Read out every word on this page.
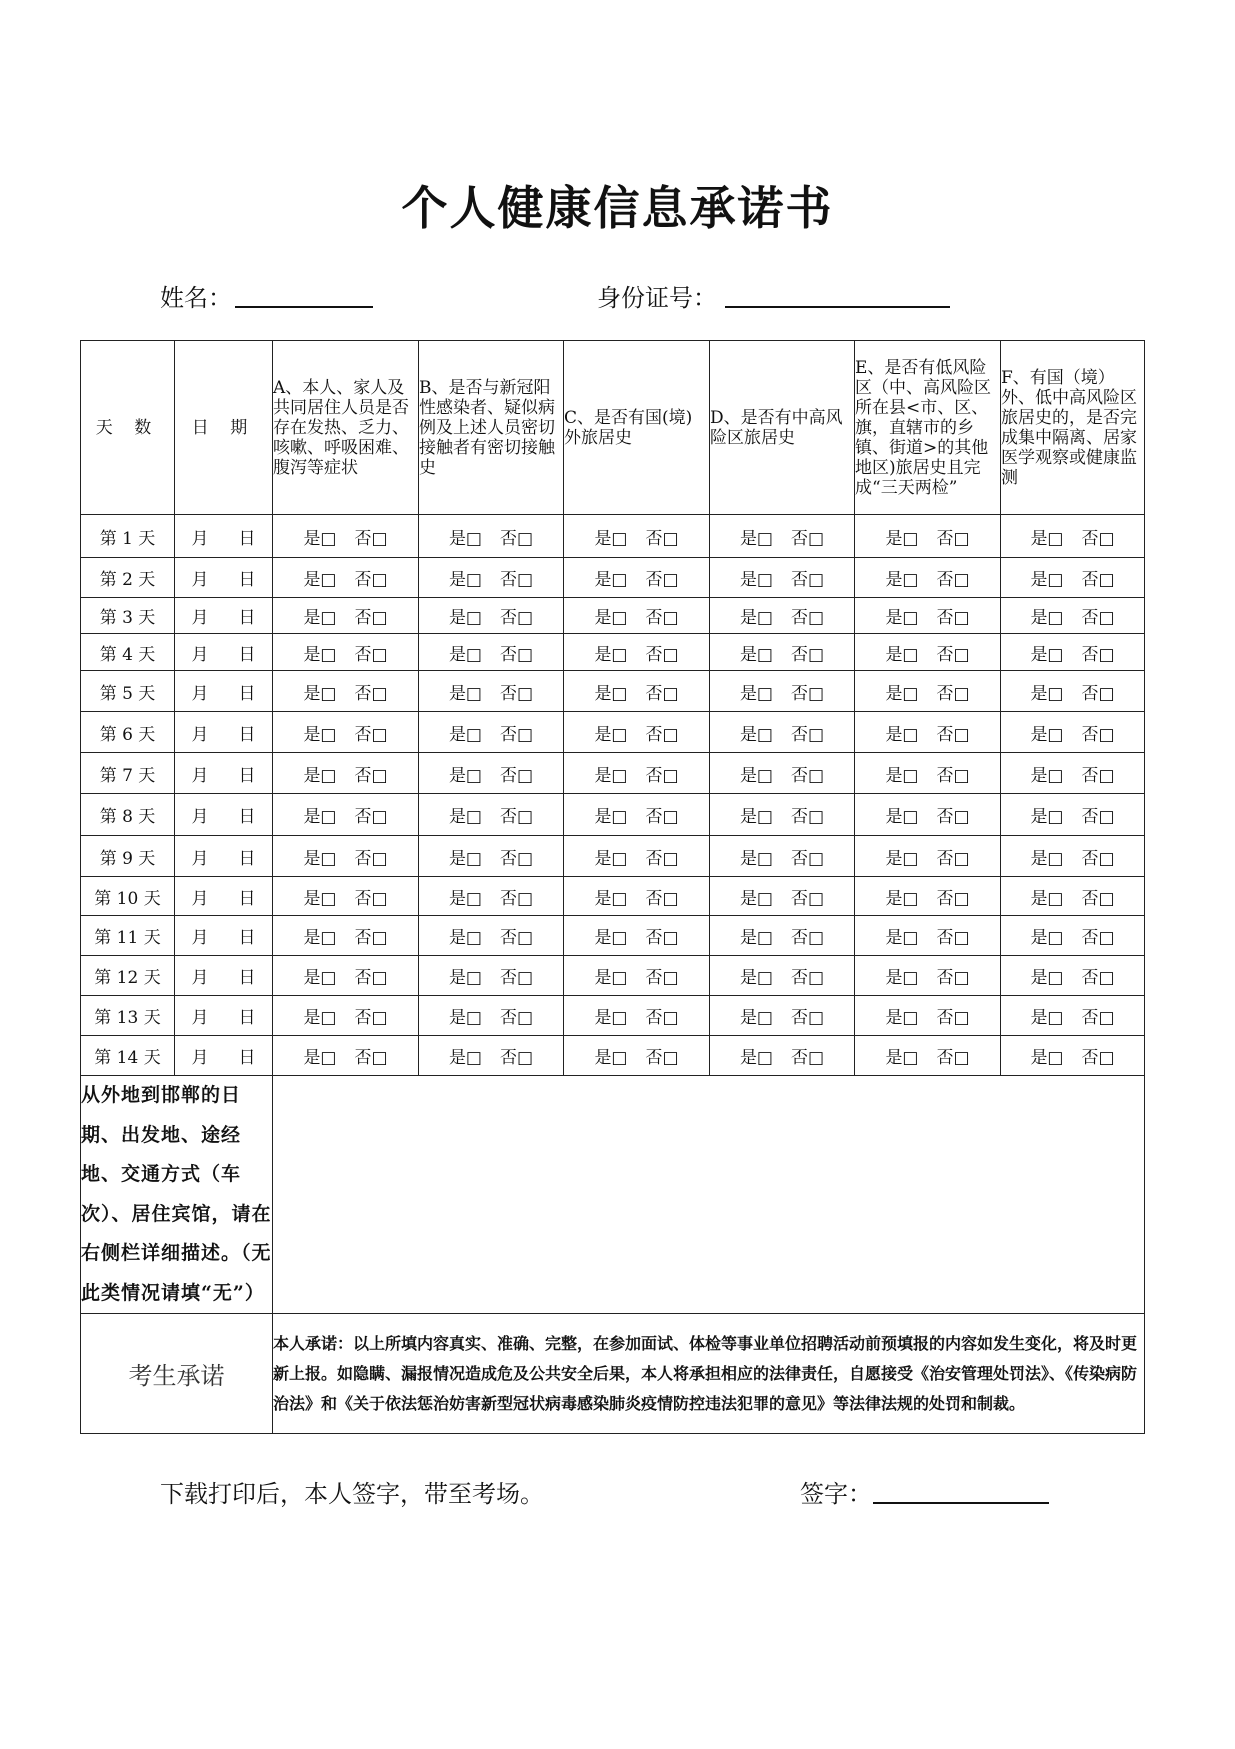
个人健康信息承诺书
姓名：	身份证号：
天 数	日 期	A、本人、家人及共同居住人员是否存在发热、乏力、咳嗽、呼吸困难、腹泻等症状	B、是否与新冠阳性感染者、疑似病例及上述人员密切接触者有密切接触史	C、是否有国(境)外旅居史	D、是否有中高风险区旅居史	E、是否有低风险区（中、高风险区所在县<市、区、旗，直辖市的乡镇、街道>的其他地区)旅居史且完成“三天两检”	F、有国（境）外、低中高风险区旅居史的，是否完成集中隔离、居家医学观察或健康监测
第 1 天	月 日	是□ 否□	是□ 否□	是□ 否□	是□ 否□	是□ 否□	是□ 否□
第 2 天	月 日	是□ 否□	是□ 否□	是□ 否□	是□ 否□	是□ 否□	是□ 否□
第 3 天	月 日	是□ 否□	是□ 否□	是□ 否□	是□ 否□	是□ 否□	是□ 否□
第 4 天	月 日	是□ 否□	是□ 否□	是□ 否□	是□ 否□	是□ 否□	是□ 否□
第 5 天	月 日	是□ 否□	是□ 否□	是□ 否□	是□ 否□	是□ 否□	是□ 否□
第 6 天	月 日	是□ 否□	是□ 否□	是□ 否□	是□ 否□	是□ 否□	是□ 否□
第 7 天	月 日	是□ 否□	是□ 否□	是□ 否□	是□ 否□	是□ 否□	是□ 否□
第 8 天	月 日	是□ 否□	是□ 否□	是□ 否□	是□ 否□	是□ 否□	是□ 否□
第 9 天	月 日	是□ 否□	是□ 否□	是□ 否□	是□ 否□	是□ 否□	是□ 否□
第 10 天	月 日	是□ 否□	是□ 否□	是□ 否□	是□ 否□	是□ 否□	是□ 否□
第 11 天	月 日	是□ 否□	是□ 否□	是□ 否□	是□ 否□	是□ 否□	是□ 否□
第 12 天	月 日	是□ 否□	是□ 否□	是□ 否□	是□ 否□	是□ 否□	是□ 否□
第 13 天	月 日	是□ 否□	是□ 否□	是□ 否□	是□ 否□	是□ 否□	是□ 否□
第 14 天	月 日	是□ 否□	是□ 否□	是□ 否□	是□ 否□	是□ 否□	是□ 否□
从外地到邯郸的日期、出发地、途经地、交通方式（车次）、居住宾馆，请在右侧栏详细描述。（无此类情况请填“无”）							
考生承诺		本人承诺：以上所填内容真实、准确、完整，在参加面试、体检等事业单位招聘活动前预填报的内容如发生变化，将及时更新上报。如隐瞒、漏报情况造成危及公共安全后果，本人将承担相应的法律责任，自愿接受《治安管理处罚法》、《传染病防治法》和《关于依法惩治妨害新型冠状病毒感染肺炎疫情防控违法犯罪的意见》等法律法规的处罚和制裁。					
下载打印后，本人签字，带至考场。	签字：
